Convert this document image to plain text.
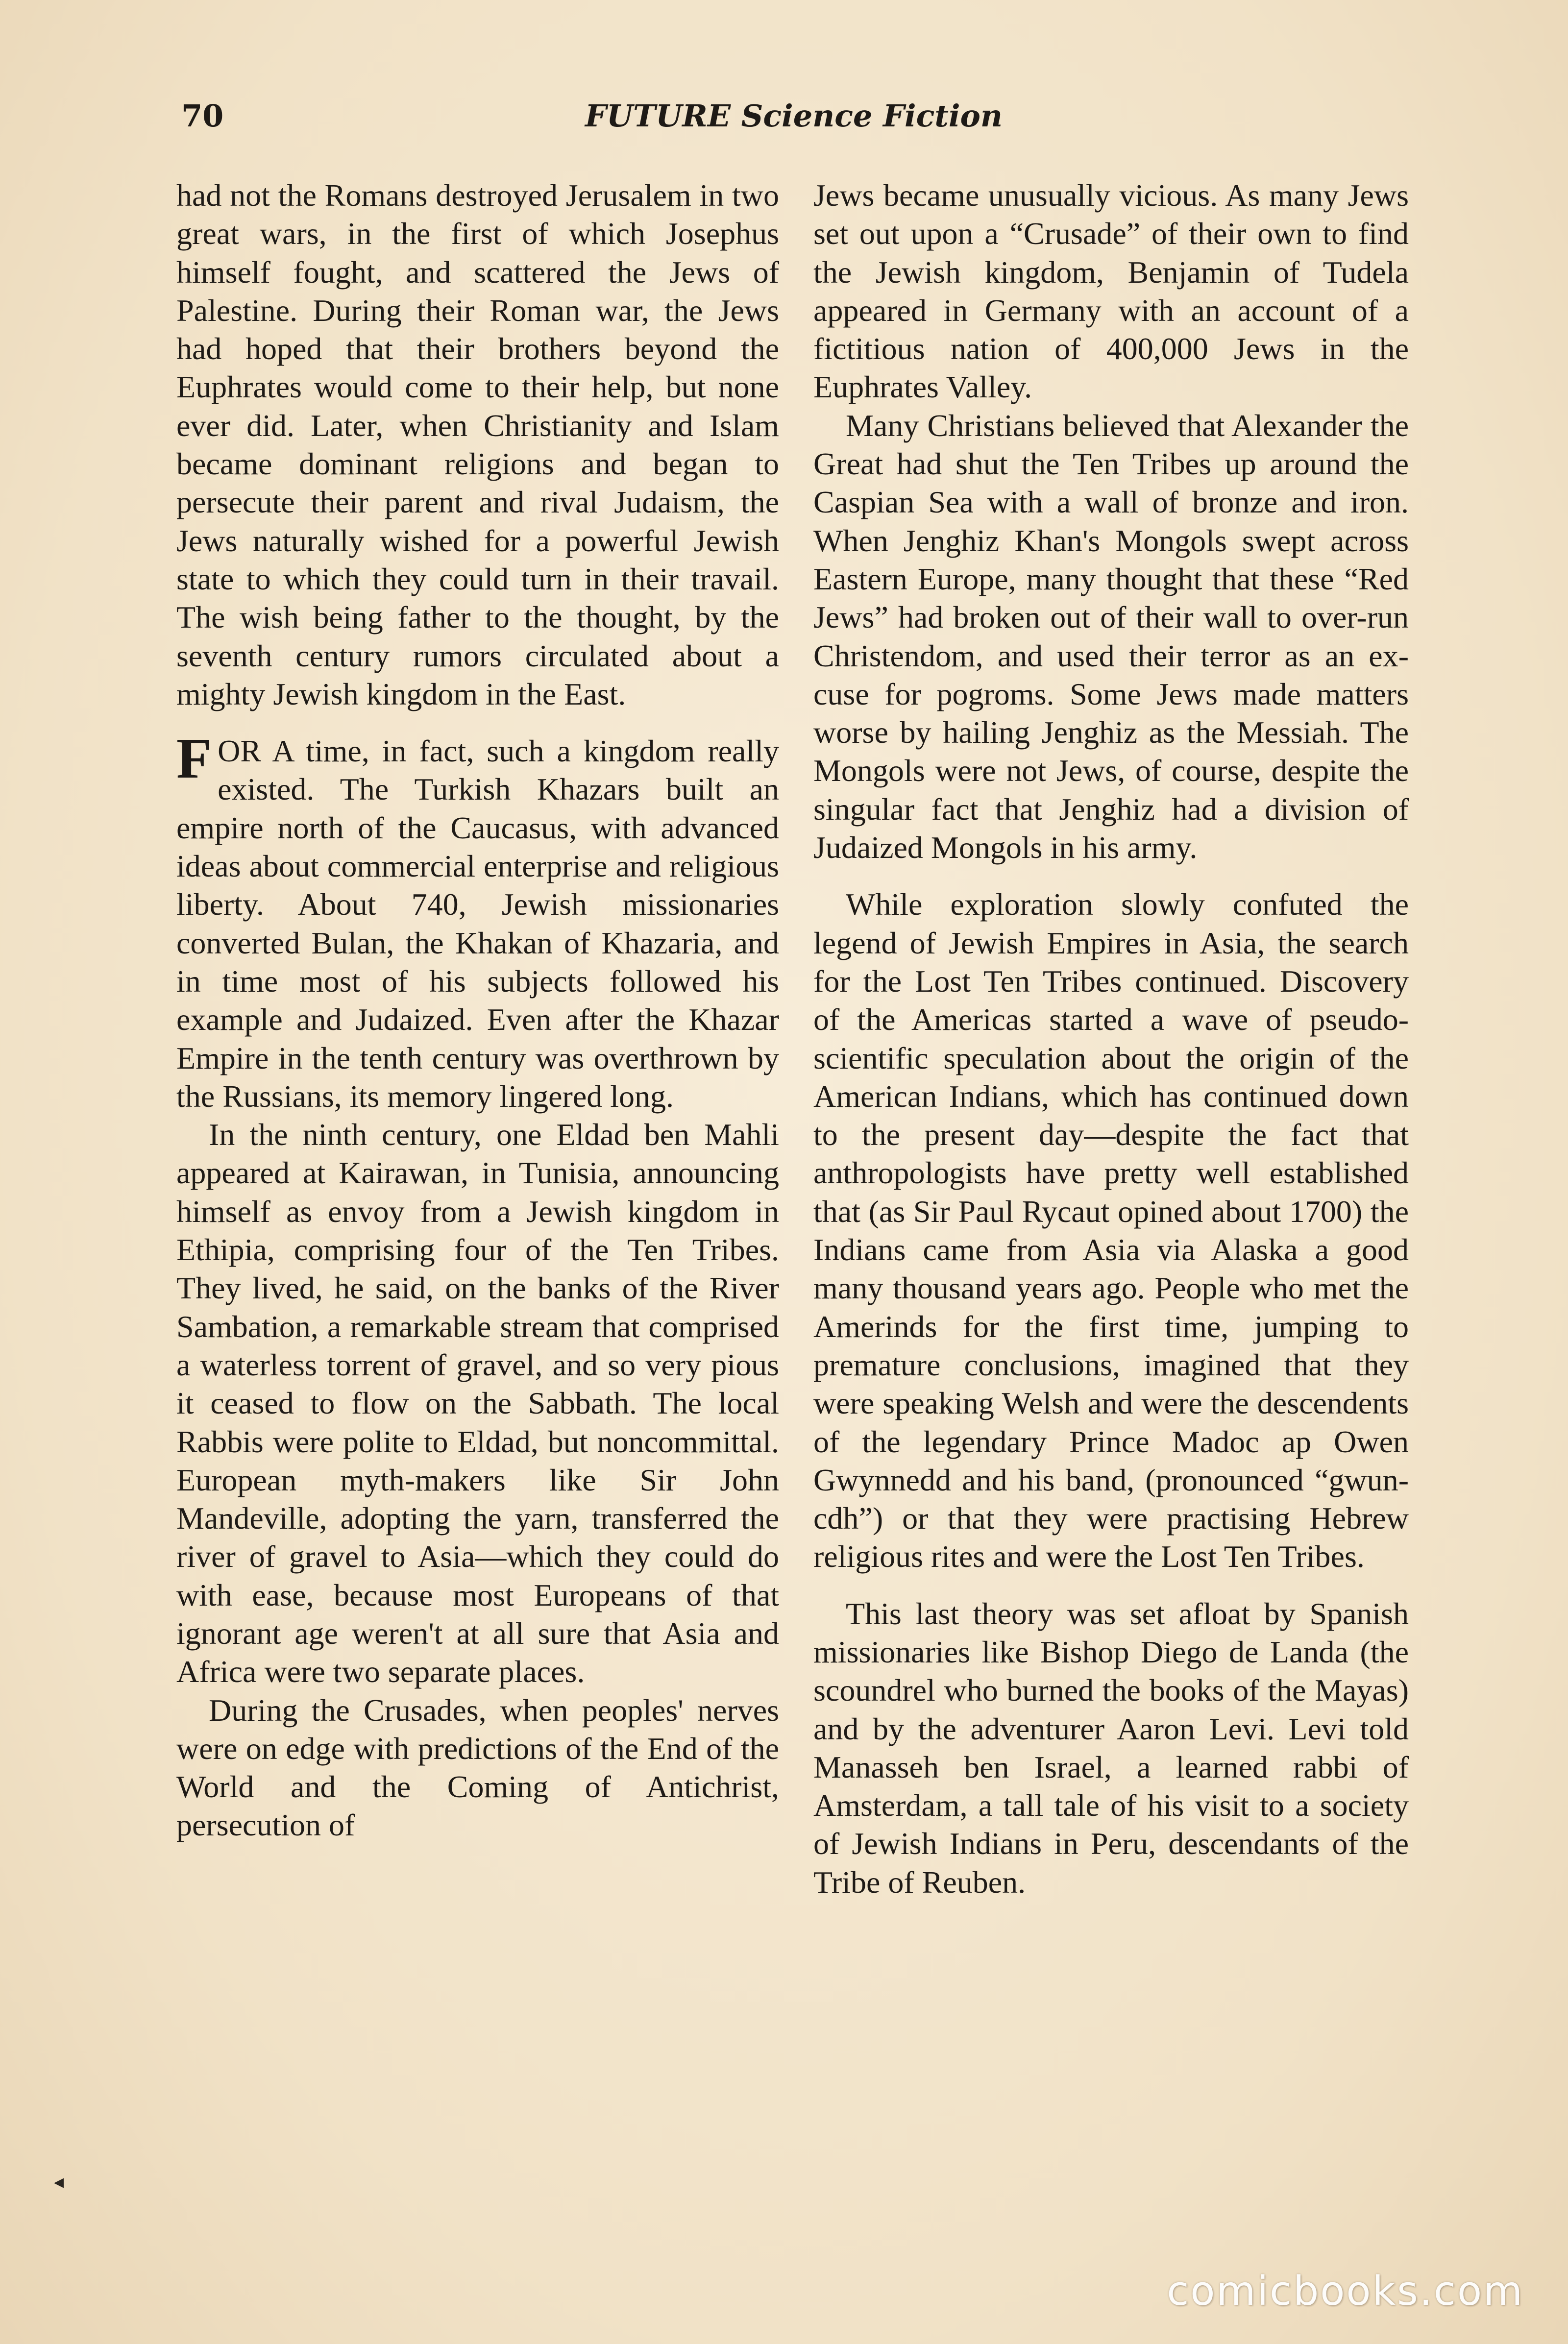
70	FUTURE Science Fiction

had not the Romans destroyed Jerusalem in two great wars, in the first of which Josephus himself fought, and scattered the Jews of Palestine. During their Roman war, the Jews had hoped that their brothers beyond the Euphrates would come to their help, but none ever did. Later, when Christianity and Islam became dominant religions and began to persecute their parent and rival Judaism, the Jews naturally wished for a powerful Jewish state to which they could turn in their travail. The wish being father to the thought, by the seventh century rumors circulated about a mighty Jewish kingdom in the East.

FOR A time, in fact, such a kingdom really existed. The Turkish Khazars built an empire north of the Caucasus, with advanced ideas about commercial enterprise and religious liberty. About 740, Jewish missionaries converted Bulan, the Khakan of Khazaria, and in time most of his subjects followed his example and Judaized. Even after the Khazar Empire in the tenth century was overthrown by the Russians, its memory lingered long.

In the ninth century, one Eldad ben Mahli appeared at Kairawan, in Tunisia, announcing himself as envoy from a Jewish kingdom in Ethipia, comprising four of the Ten Tribes. They lived, he said, on the banks of the River Sambation, a remarkable stream that comprised a waterless torrent of gravel, and so very pious it ceased to flow on the Sabbath. The local Rabbis were polite to Eldad, but noncommittal. European myth-makers like Sir John Mandeville, adopting the yarn, transferred the river of gravel to Asia—which they could do with ease, because most Europeans of that ignorant age weren't at all sure that Asia and Africa were two separate places.

During the Crusades, when peoples' nerves were on edge with predictions of the End of the World and the Coming of Antichrist, persecution of

Jews became unusually vicious. As many Jews set out upon a “Crusade” of their own to find the Jewish kingdom, Benjamin of Tudela appeared in Germany with an account of a fictitious nation of 400,000 Jews in the Euphrates Valley.

Many Christians believed that Alexander the Great had shut the Ten Tribes up around the Caspian Sea with a wall of bronze and iron. When Jenghiz Khan's Mongols swept across Eastern Europe, many thought that these “Red Jews” had broken out of their wall to over-run Christendom, and used their terror as an excuse for pogroms. Some Jews made matters worse by hailing Jenghiz as the Messiah. The Mongols were not Jews, of course, despite the singular fact that Jenghiz had a division of Judaized Mongols in his army.

While exploration slowly confuted the legend of Jewish Empires in Asia, the search for the Lost Ten Tribes continued. Discovery of the Americas started a wave of pseudo-scientific speculation about the origin of the American Indians, which has continued down to the present day—despite the fact that anthropologists have pretty well established that (as Sir Paul Rycaut opined about 1700) the Indians came from Asia via Alaska a good many thousand years ago. People who met the Amerinds for the first time, jumping to premature conclusions, imagined that they were speaking Welsh and were the descendents of the legendary Prince Madoc ap Owen Gwynnedd and his band, (pronounced “gwun-cdh”) or that they were practising Hebrew religious rites and were the Lost Ten Tribes.

This last theory was set afloat by Spanish missionaries like Bishop Diego de Landa (the scoundrel who burned the books of the Mayas) and by the adventurer Aaron Levi. Levi told Manasseh ben Israel, a learned rabbi of Amsterdam, a tall tale of his visit to a society of Jewish Indians in Peru, descendants of the Tribe of Reuben.

◂
comicbooks.com
